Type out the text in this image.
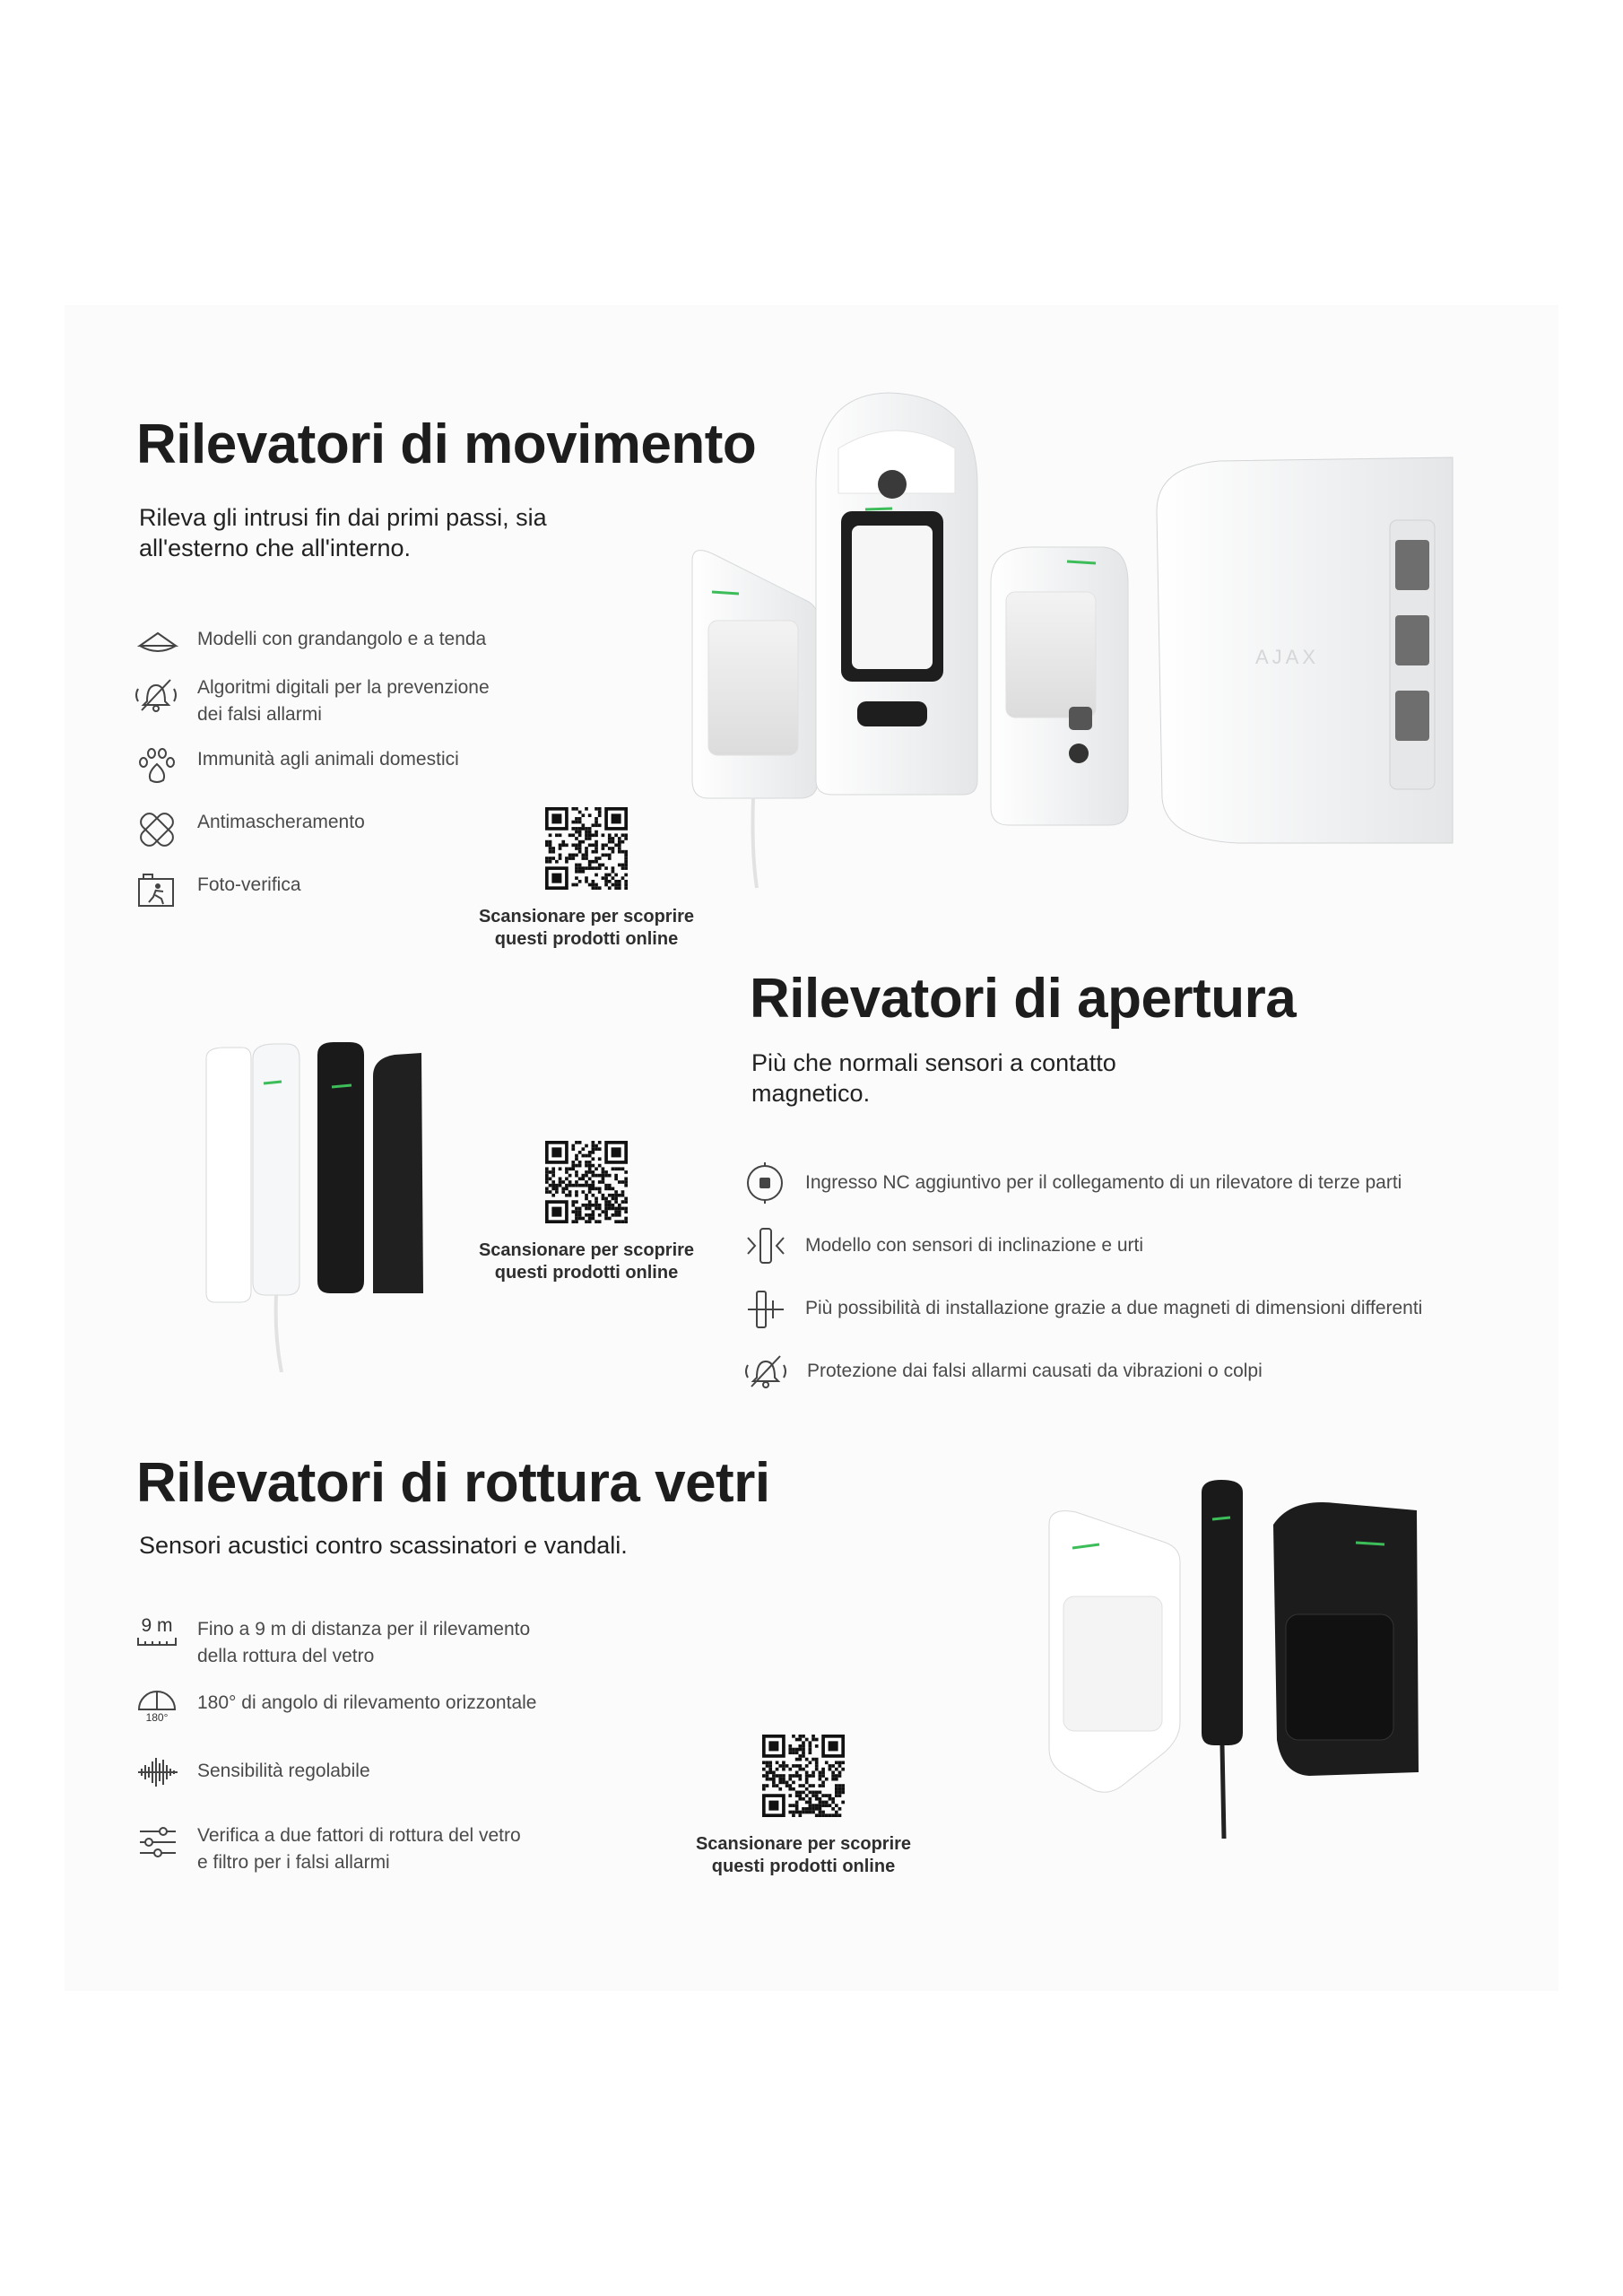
Rilevatori di movimento
Rileva gli intrusi fin dai primi passi, sia
all'esterno che all'interno.
Modelli con grandangolo e a tenda
Algoritmi digitali per la prevenzione
dei falsi allarmi
Immunità agli animali domestici
Antimascheramento
Foto-verifica
Scansionare per scoprire
questi prodotti online
AJAX
Rilevatori di apertura
Più che normali sensori a contatto
magnetico.
Scansionare per scoprire
questi prodotti online
Ingresso NC aggiuntivo per il collegamento di un rilevatore di terze parti
Modello con sensori di inclinazione e urti
Più possibilità di installazione grazie a due magneti di dimensioni differenti
Protezione dai falsi allarmi causati da vibrazioni o colpi
Rilevatori di rottura vetri
Sensori acustici contro scassinatori e vandali.
9 m Fino a 9 m di distanza per il rilevamento
della rottura del vetro
180°
180° di angolo di rilevamento orizzontale
Sensibilità regolabile
Verifica a due fattori di rottura del vetro
e filtro per i falsi allarmi
Scansionare per scoprire
questi prodotti online
